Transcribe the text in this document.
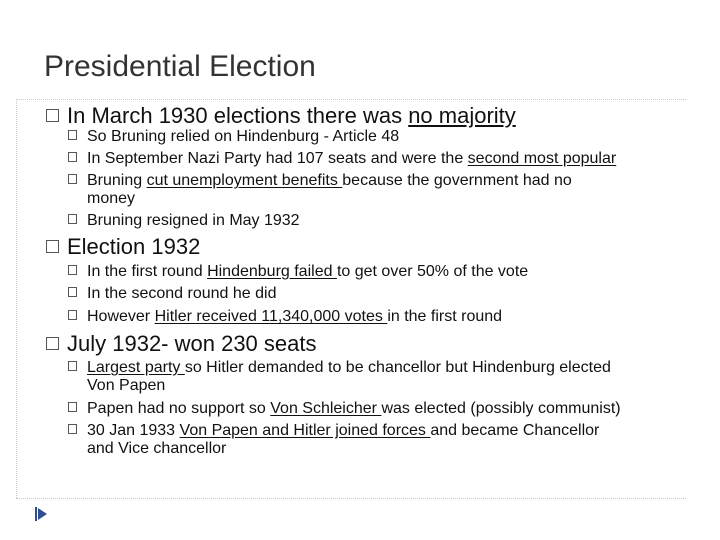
Presidential Election
In March 1930 elections there was no majority
So Bruning relied on Hindenburg - Article 48
In September Nazi Party had 107 seats and were the second most popular
Bruning cut unemployment benefits because the government had no
money
Bruning resigned in May 1932
Election 1932
In the first round Hindenburg failed to get over 50% of the vote
In the second round he did
However Hitler received 11,340,000 votes in the first round
July 1932- won 230 seats
Largest party so Hitler demanded to be chancellor but Hindenburg elected
Von Papen
Papen had no support so Von Schleicher was elected (possibly communist)
30 Jan 1933 Von Papen and Hitler joined forces and became Chancellor
and Vice chancellor
